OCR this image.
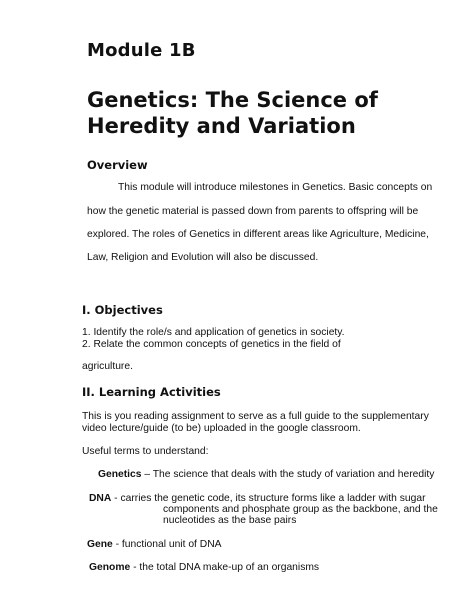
Module 1B
Genetics: The Science of
Heredity and Variation
Overview
This module will introduce milestones in Genetics. Basic concepts on
how the genetic material is passed down from parents to offspring will be
explored. The roles of Genetics in different areas like Agriculture, Medicine,
Law, Religion and Evolution will also be discussed.
I. Objectives
1. Identify the role/s and application of genetics in society.
2. Relate the common concepts of genetics in the field of
agriculture.
II. Learning Activities
This is you reading assignment to serve as a full guide to the supplementary
video lecture/guide (to be) uploaded in the google classroom.
Useful terms to understand:
Genetics – The science that deals with the study of variation and heredity
DNA - carries the genetic code, its structure forms like a ladder with sugar
components and phosphate group as the backbone, and the
nucleotides as the base pairs
Gene - functional unit of DNA
Genome - the total DNA make-up of an organisms
